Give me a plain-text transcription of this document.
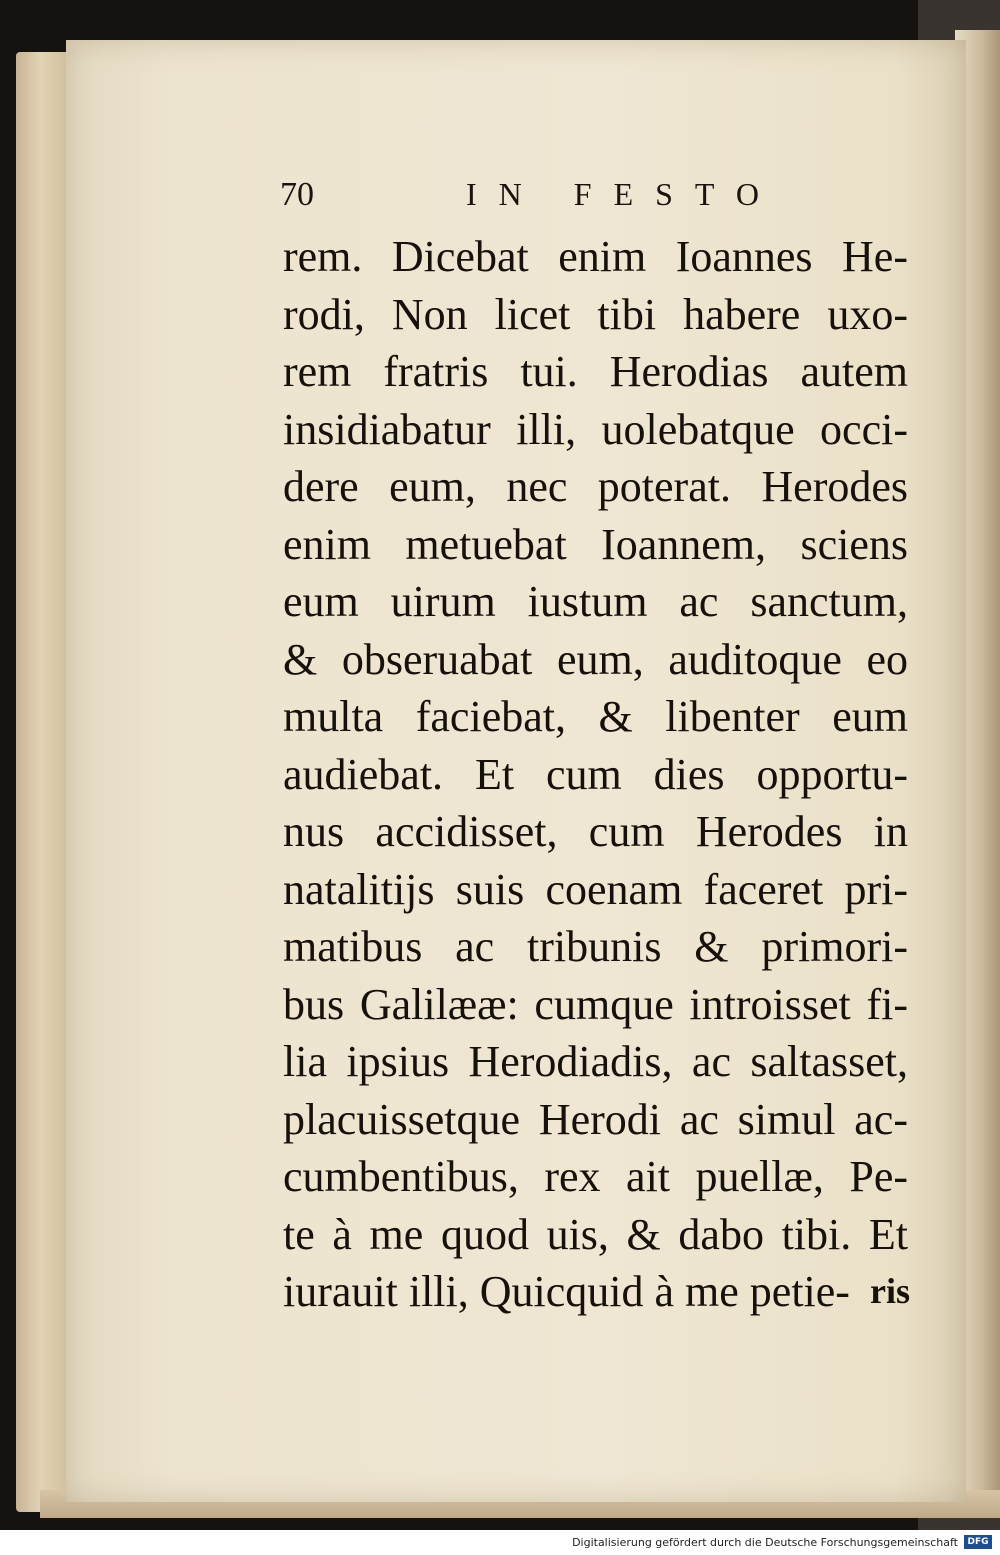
70	IN FESTO
rem. Dicebat enim Ioannes He-
rodi, Non licet tibi habere uxo-
rem fratris tui. Herodias autem
insidiabatur illi, uolebatque occi-
dere eum, nec poterat. Herodes
enim metuebat Ioannem, sciens
eum uirum iustum ac sanctum,
& obseruabat eum, auditoque eo
multa faciebat, & libenter eum
audiebat. Et cum dies opportu-
nus accidisset, cum Herodes in
natalitijs suis coenam faceret pri-
matibus ac tribunis & primori-
bus Galilææ: cumque introisset fi-
lia ipsius Herodiadis, ac saltasset,
placuissetque Herodi ac simul ac-
cumbentibus, rex ait puellæ, Pe-
te à me quod uis, & dabo tibi. Et
iurauit illi, Quicquid à me petie- ris
Digitalisierung gefördert durch die Deutsche Forschungsgemeinschaft	DFG
